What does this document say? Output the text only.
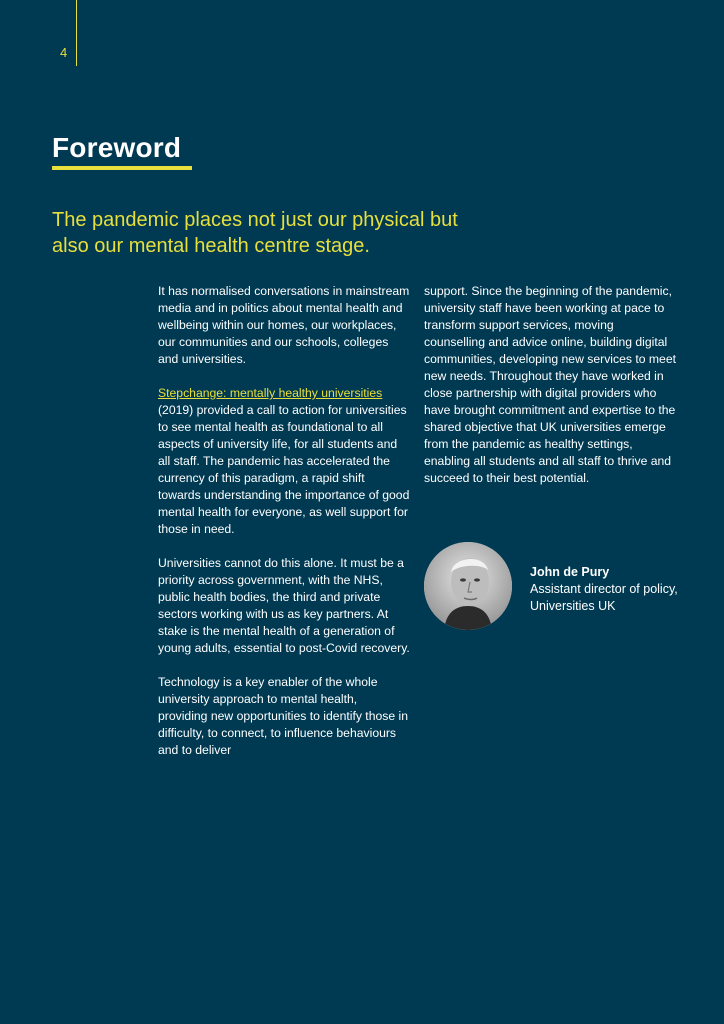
4
Foreword

The pandemic places not just our physical but also our mental health centre stage.

It has normalised conversations in mainstream media and in politics about mental health and wellbeing within our homes, our workplaces, our communities and our schools, colleges and universities.

Stepchange: mentally healthy universities (2019) provided a call to action for universities to see mental health as foundational to all aspects of university life, for all students and all staff. The pandemic has accelerated the currency of this paradigm, a rapid shift towards understanding the importance of good mental health for everyone, as well support for those in need.

Universities cannot do this alone. It must be a priority across government, with the NHS, public health bodies, the third and private sectors working with us as key partners. At stake is the mental health of a generation of young adults, essential to post-Covid recovery.

Technology is a key enabler of the whole university approach to mental health, providing new opportunities to identify those in difficulty, to connect, to influence behaviours and to deliver

support. Since the beginning of the pandemic, university staff have been working at pace to transform support services, moving counselling and advice online, building digital communities, developing new services to meet new needs. Throughout they have worked in close partnership with digital providers who have brought commitment and expertise to the shared objective that UK universities emerge from the pandemic as healthy settings, enabling all students and all staff to thrive and succeed to their best potential.

John de Pury
Assistant director of policy, Universities UK
